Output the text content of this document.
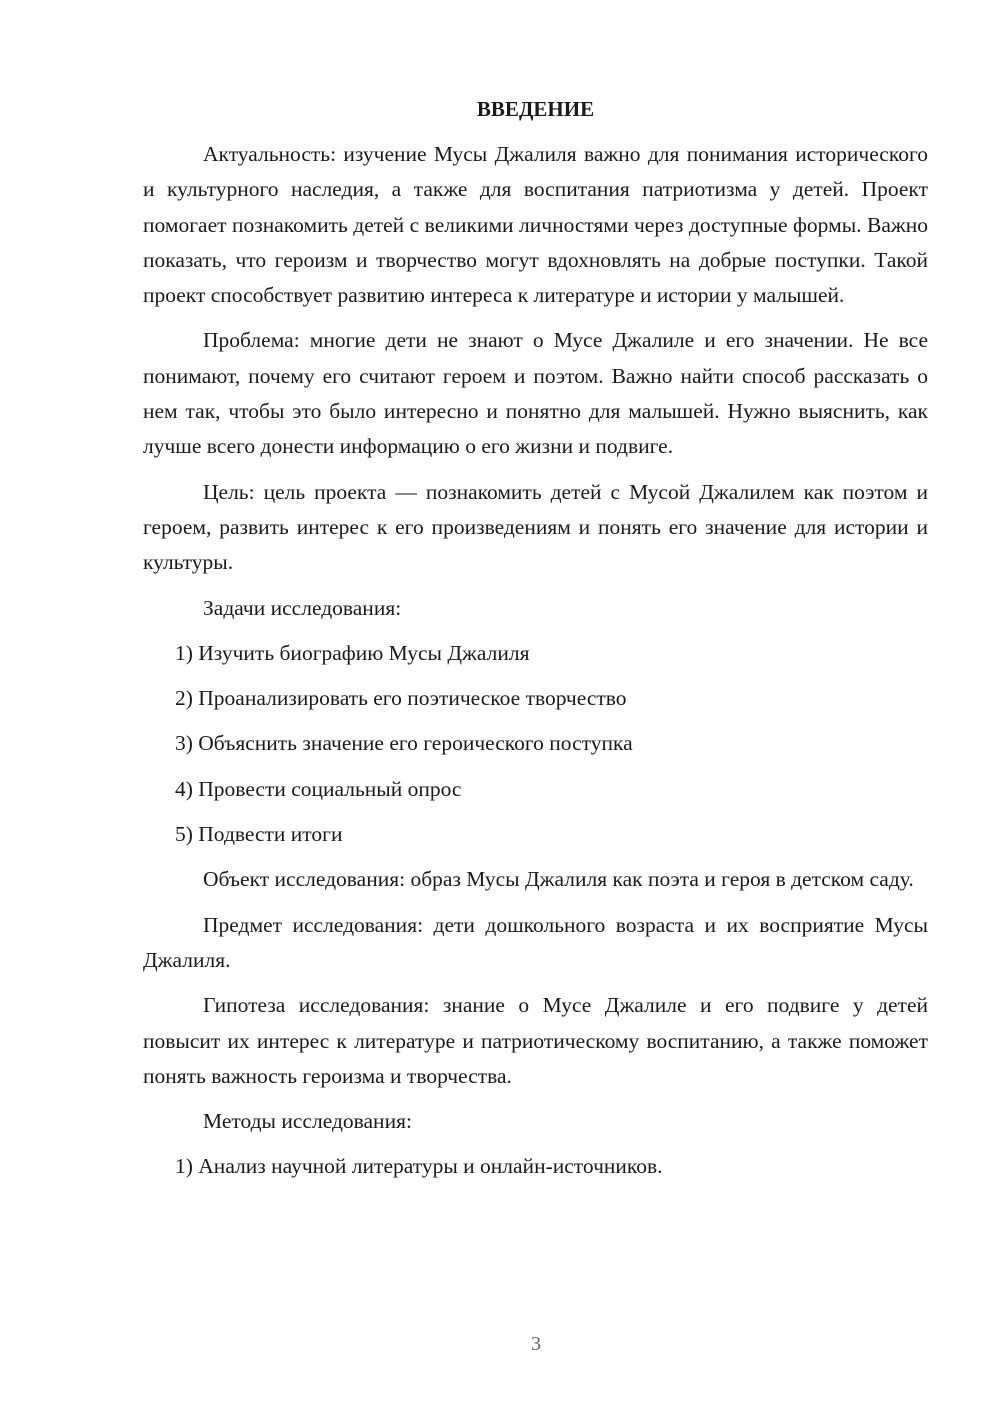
ВВЕДЕНИЕ

Актуальность: изучение Мусы Джалиля важно для понимания исторического и культурного наследия, а также для воспитания патриотизма у детей. Проект помогает познакомить детей с великими личностями через доступные формы. Важно показать, что героизм и творчество могут вдохновлять на добрые поступки. Такой проект способствует развитию интереса к литературе и истории у малышей.

Проблема: многие дети не знают о Мусе Джалиле и его значении. Не все понимают, почему его считают героем и поэтом. Важно найти способ рассказать о нем так, чтобы это было интересно и понятно для малышей. Нужно выяснить, как лучше всего донести информацию о его жизни и подвиге.

Цель: цель проекта — познакомить детей с Мусой Джалилем как поэтом и героем, развить интерес к его произведениям и понять его значение для истории и культуры.

Задачи исследования:

1) Изучить биографию Мусы Джалиля
2) Проанализировать его поэтическое творчество
3) Объяснить значение его героического поступка
4) Провести социальный опрос
5) Подвести итоги

Объект исследования: образ Мусы Джалиля как поэта и героя в детском саду.

Предмет исследования: дети дошкольного возраста и их восприятие Мусы Джалиля.

Гипотеза исследования: знание о Мусе Джалиле и его подвиге у детей повысит их интерес к литературе и патриотическому воспитанию, а также поможет понять важность героизма и творчества.

Методы исследования:

1) Анализ научной литературы и онлайн-источников.
3
